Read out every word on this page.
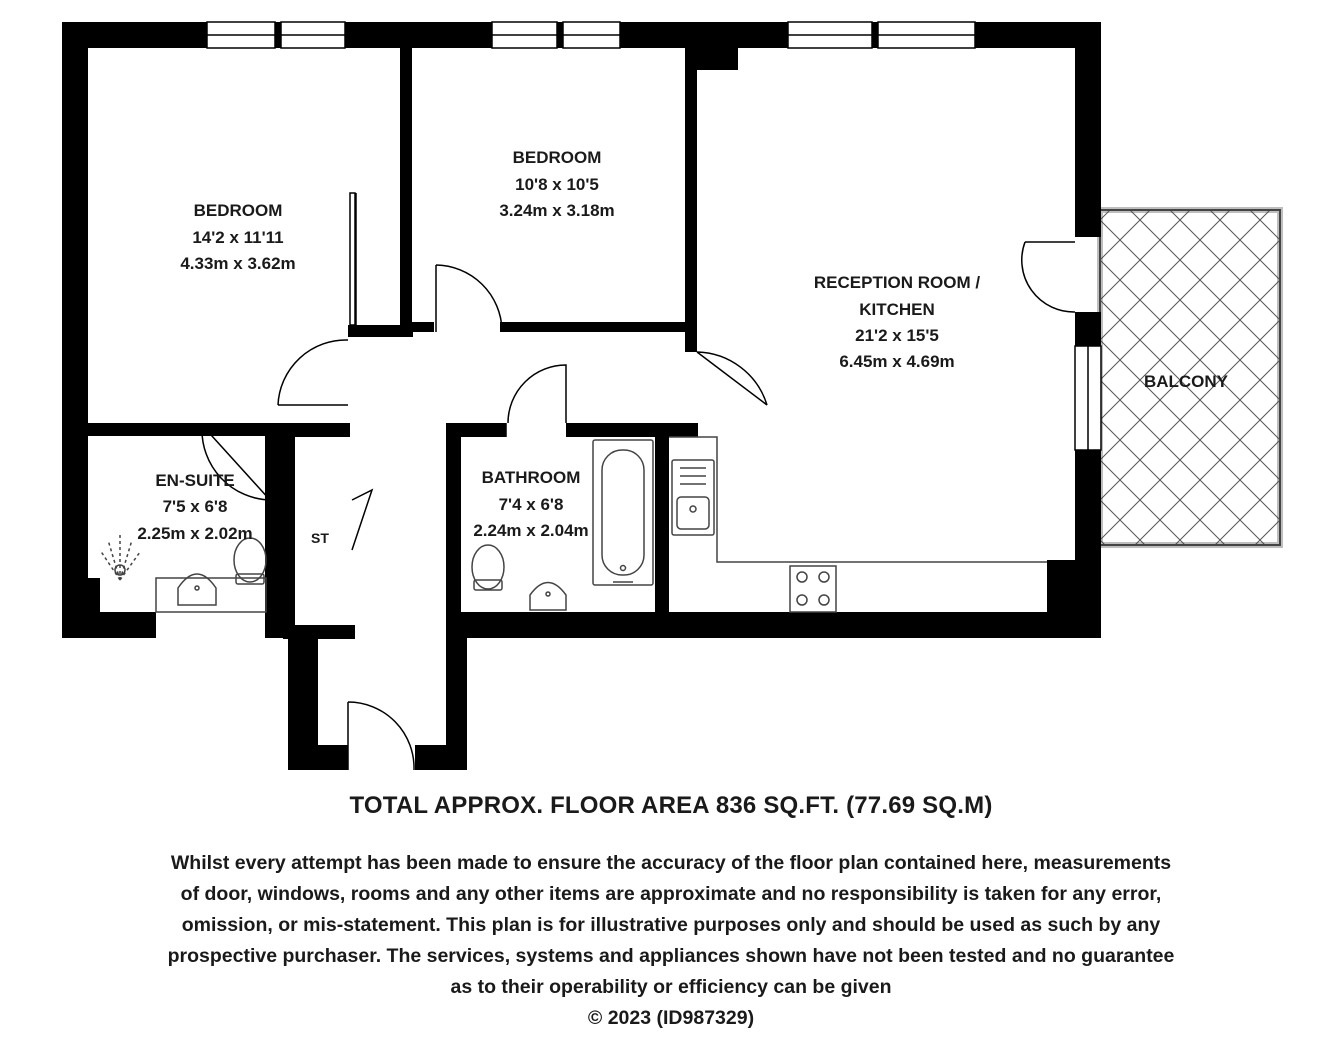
BEDROOM
14'2 x 11'11
4.33m x 3.62m
BEDROOM
10'8 x 10'5
3.24m x 3.18m
RECEPTION ROOM /
KITCHEN
21'2 x 15'5
6.45m x 4.69m
BALCONY
EN-SUITE
7'5 x 6'8
2.25m x 2.02m
BATHROOM
7'4 x 6'8
2.24m x 2.04m
ST
TOTAL APPROX. FLOOR AREA 836 SQ.FT. (77.69 SQ.M)
Whilst every attempt has been made to ensure the accuracy of the floor plan contained here, measurements
of door, windows, rooms and any other items are approximate and no responsibility is taken for any error,
omission, or mis-statement. This plan is for illustrative purposes only and should be used as such by any
prospective purchaser. The services, systems and appliances shown have not been tested and no guarantee
as to their operability or efficiency can be given
© 2023 (ID987329)
